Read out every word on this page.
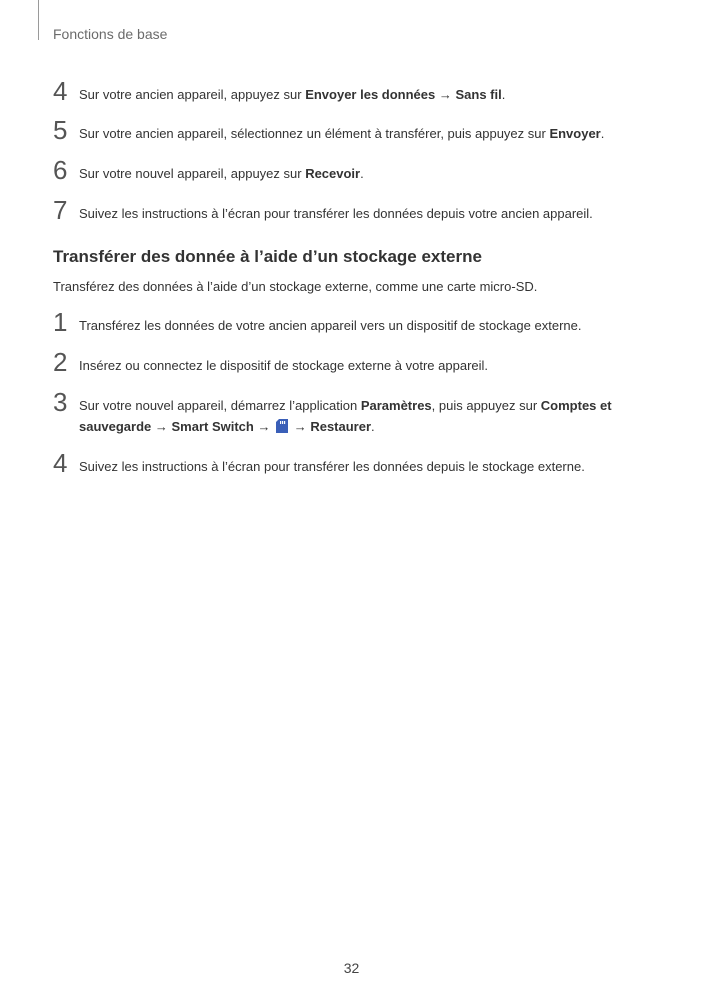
Fonctions de base
4 Sur votre ancien appareil, appuyez sur Envoyer les données → Sans fil.
5 Sur votre ancien appareil, sélectionnez un élément à transférer, puis appuyez sur Envoyer.
6 Sur votre nouvel appareil, appuyez sur Recevoir.
7 Suivez les instructions à l’écran pour transférer les données depuis votre ancien appareil.
Transférer des donnée à l’aide d’un stockage externe
Transférez des données à l’aide d’un stockage externe, comme une carte micro-SD.
1 Transférez les données de votre ancien appareil vers un dispositif de stockage externe.
2 Insérez ou connectez le dispositif de stockage externe à votre appareil.
3 Sur votre nouvel appareil, démarrez l’application Paramètres, puis appuyez sur Comptes et sauvegarde → Smart Switch →  → Restaurer.
4 Suivez les instructions à l’écran pour transférer les données depuis le stockage externe.
32
